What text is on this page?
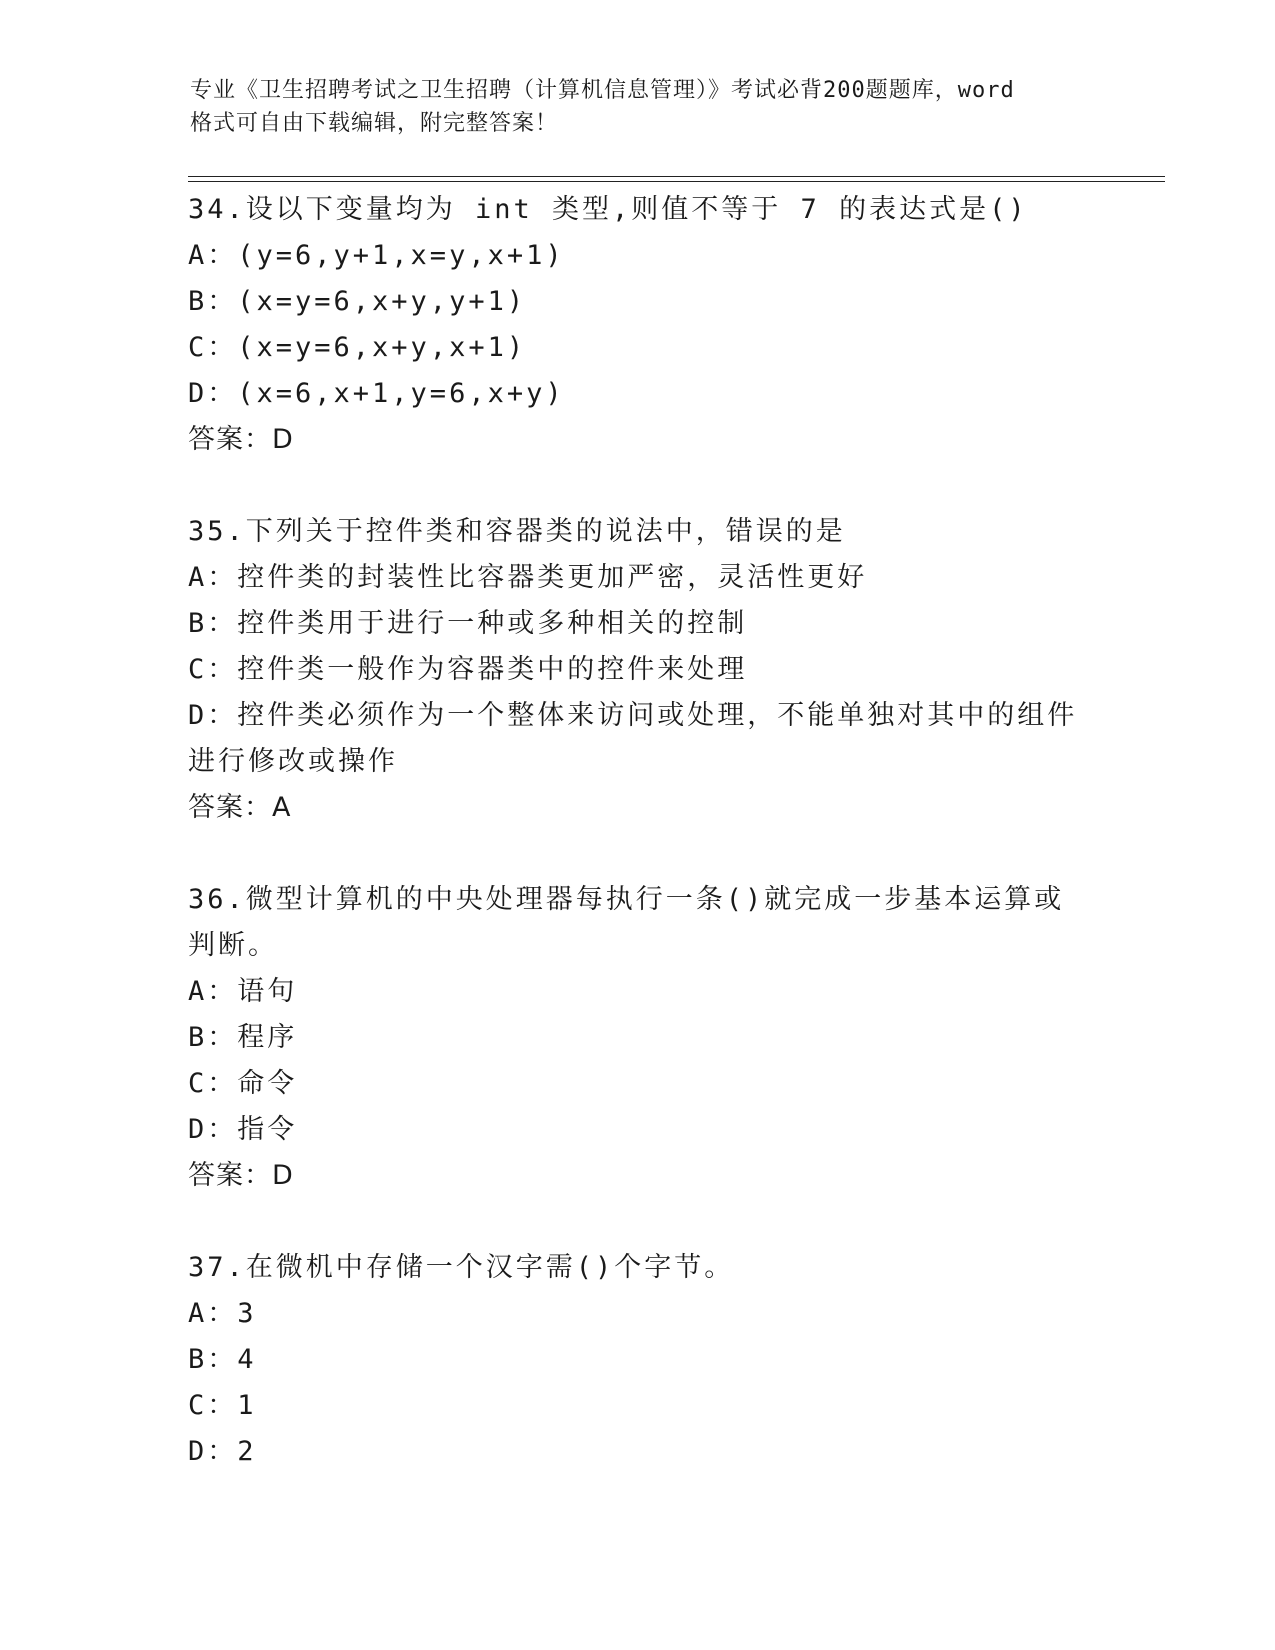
专业《卫生招聘考试之卫生招聘（计算机信息管理）》考试必背200题题库，word
格式可自由下载编辑，附完整答案！
34.设以下变量均为 int 类型,则值不等于 7 的表达式是()
A：(y=6,y+1,x=y,x+1)
B：(x=y=6,x+y,y+1)
C：(x=y=6,x+y,x+1)
D：(x=6,x+1,y=6,x+y)
答案：D
35.下列关于控件类和容器类的说法中，错误的是
A：控件类的封装性比容器类更加严密，灵活性更好
B：控件类用于进行一种或多种相关的控制
C：控件类一般作为容器类中的控件来处理
D：控件类必须作为一个整体来访问或处理，不能单独对其中的组件进行修改或操作
答案：A
36.微型计算机的中央处理器每执行一条()就完成一步基本运算或判断。
A：语句
B：程序
C：命令
D：指令
答案：D
37.在微机中存储一个汉字需()个字节。
A：3
B：4
C：1
D：2
